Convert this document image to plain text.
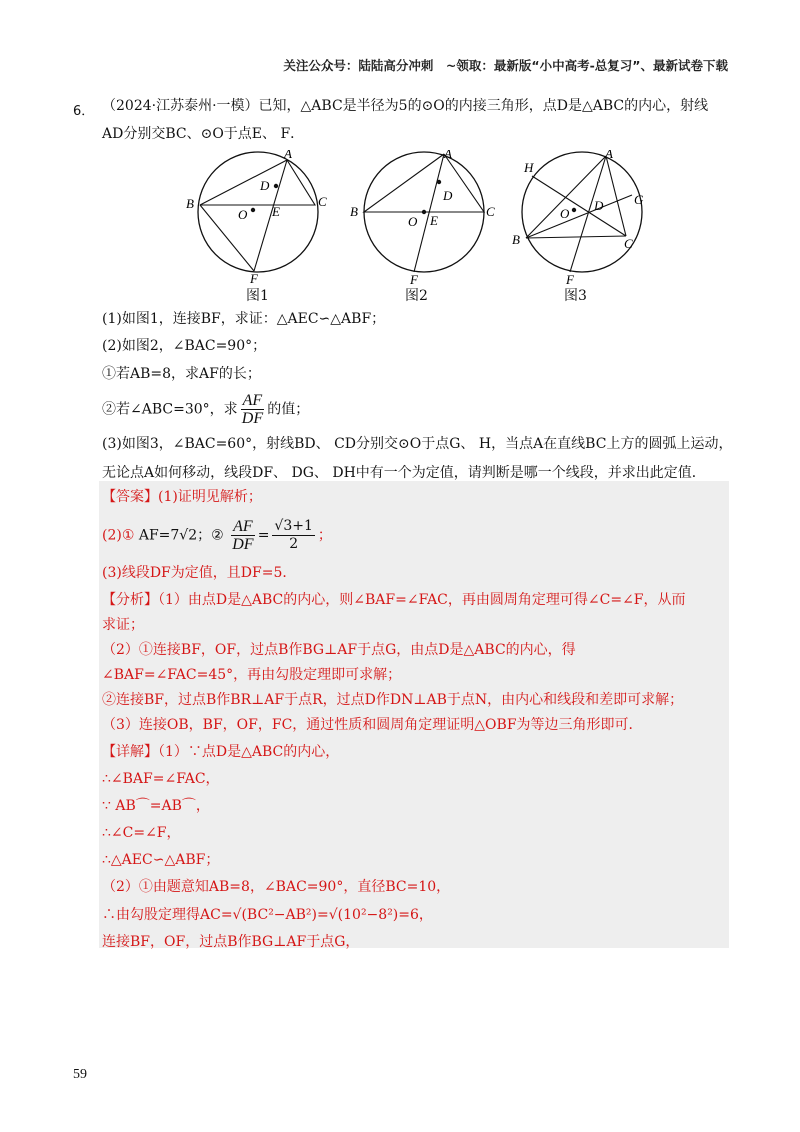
关注公众号：陆陆高分冲刺　~领取：最新版“小中高考-总复习”、最新试卷下载
6． （2024·江苏泰州·一模）已知，△ABC是半径为5的⊙O的内接三角形，点D是△ABC的内心，射线
AD分别交BC、⊙O于点E、 F．
A
B	C
D
E
O
F
A
B	C
D
E
O
F
A
B	C
D G
H
O
F
图1	图2	图3
(1)如图1，连接BF，求证：△AEC∽△ABF；
(2)如图2，∠BAC=90°；
①若AB=8，求AF的长；
②若∠ABC=30°，求 $\frac{AF}{DF}$ 的值；
(3)如图3，∠BAC=60°，射线BD、 CD分别交⊙O于点G、 H，当点A在直线BC上方的圆弧上运动，
无论点A如何移动，线段DF、 DG、 DH中有一个为定值，请判断是哪一个线段，并求出此定值．
【答案】(1)证明见解析；
(2)① AF=7√2；② $\frac{AF}{DF} = \frac{√3+1}{2}$ ；
(3)线段DF为定值，且DF=5．
【分析】（1）由点D是△ABC的内心，则∠BAF=∠FAC，再由圆周角定理可得∠C=∠F，从而
求证；
（2）①连接BF，OF，过点B作BG⊥AF于点G，由点D是△ABC的内心，得
∠BAF=∠FAC=45°，再由勾股定理即可求解；
②连接BF，过点B作BR⊥AF于点R，过点D作DN⊥AB于点N，由内心和线段和差即可求解；
（3）连接OB，BF，OF，FC，通过性质和圆周角定理证明△OBF为等边三角形即可．
【详解】（1）∵点D是△ABC的内心，
∴∠BAF=∠FAC，
∵ AB⌒=AB⌒，
∴∠C=∠F，
∴△AEC∽△ABF；
（2）①由题意知AB=8，∠BAC=90°，直径BC=10，
∴由勾股定理得AC=√(BC²−AB²)=√(10²−8²)=6，
连接BF，OF，过点B作BG⊥AF于点G，
59
